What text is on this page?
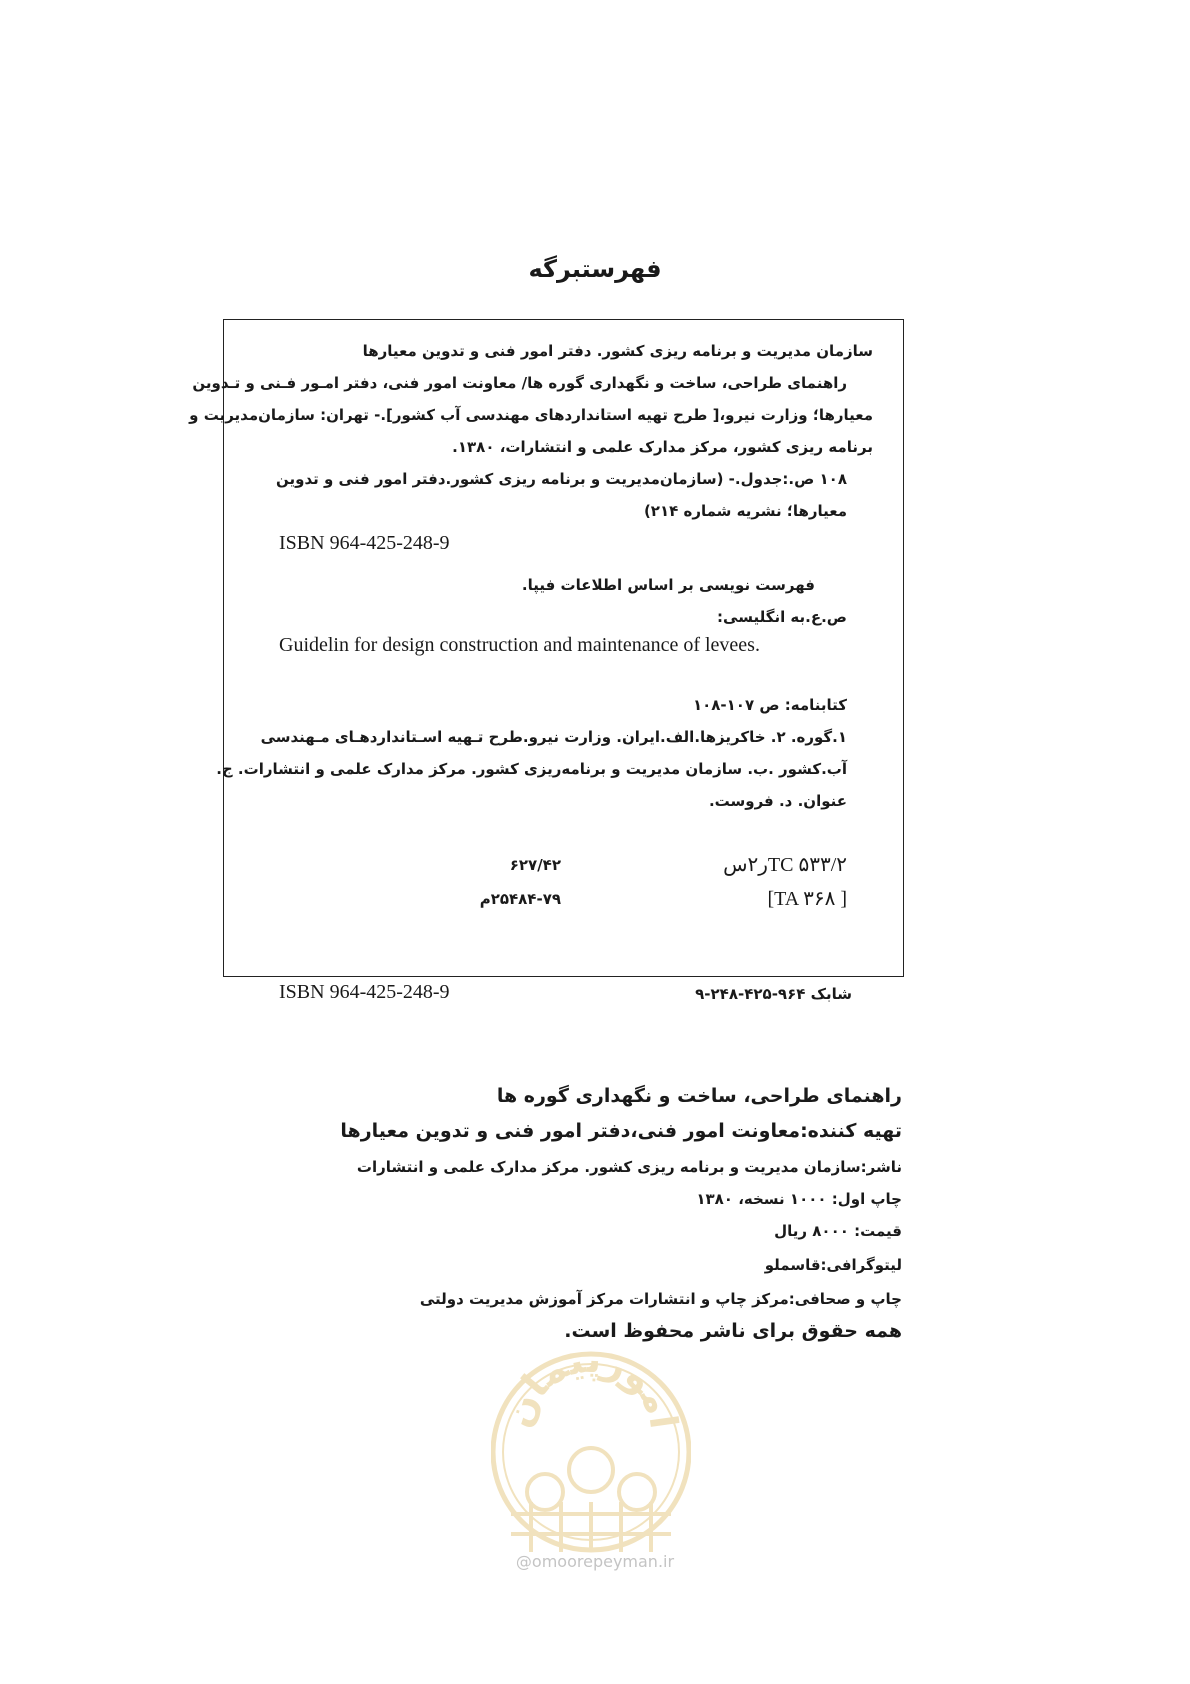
فهرستبرگه
سازمان مدیریت و برنامه ریزی کشور. دفتر امور فنی و تدوین معیارها
راهنمای طراحی، ساخت و نگهداری گوره ها/ معاونت امور فنی، دفتر امـور فـنی و تـدوین
معیارها؛ وزارت نیرو،[ طرح تهیه استانداردهای مهندسی آب کشور].- تهران: سازمان‌مدیریت و
برنامه ریزی کشور، مرکز مدارک علمی و انتشارات، ۱۳۸۰.
۱۰۸ ص.:جدول.- (سازمان‌مدیریت و برنامه ریزی کشور.دفتر امور فنی و تدوین
معیارها؛ نشریه شماره ۲۱۴)
ISBN 964-425-248-9
فهرست نویسی بر اساس اطلاعات فیپا.
ص.ع.به انگلیسی:
Guidelin for design construction and maintenance of levees.
کتابنامه: ص ۱۰۷-۱۰۸
۱.گوره. ۲. خاکریزها.الف.ایران. وزارت نیرو.طرح تـهیه اسـتانداردهـای مـهندسی
آب.کشور .ب. سازمان مدیریت و برنامه‌ریزی کشور. مرکز مدارک علمی و انتشارات. ج.
عنوان. د. فروست.
TC ۵۳۳/۲ر۲س
۶۲۷/۴۲
[TA ۳۶۸ ]
۲۵۴۸۴-۷۹م
ISBN 964-425-248-9	شابک ۹۶۴-۴۲۵-۲۴۸-۹
راهنمای طراحی، ساخت و نگهداری گوره ها
تهیه کننده:معاونت امور فنی،دفتر امور فنی و تدوین معیارها
ناشر:سازمان مدیریت و برنامه ریزی کشور. مرکز مدارک علمی و انتشارات
چاپ اول: ۱۰۰۰ نسخه، ۱۳۸۰
قیمت: ۸۰۰۰ ریال
لیتوگرافی:قاسملو
چاپ و صحافی:مرکز چاپ و انتشارات مرکز آموزش مدیریت دولتی
همه حقوق برای ناشر محفوظ است.
امورپیمان
@omoorepeyman.ir
